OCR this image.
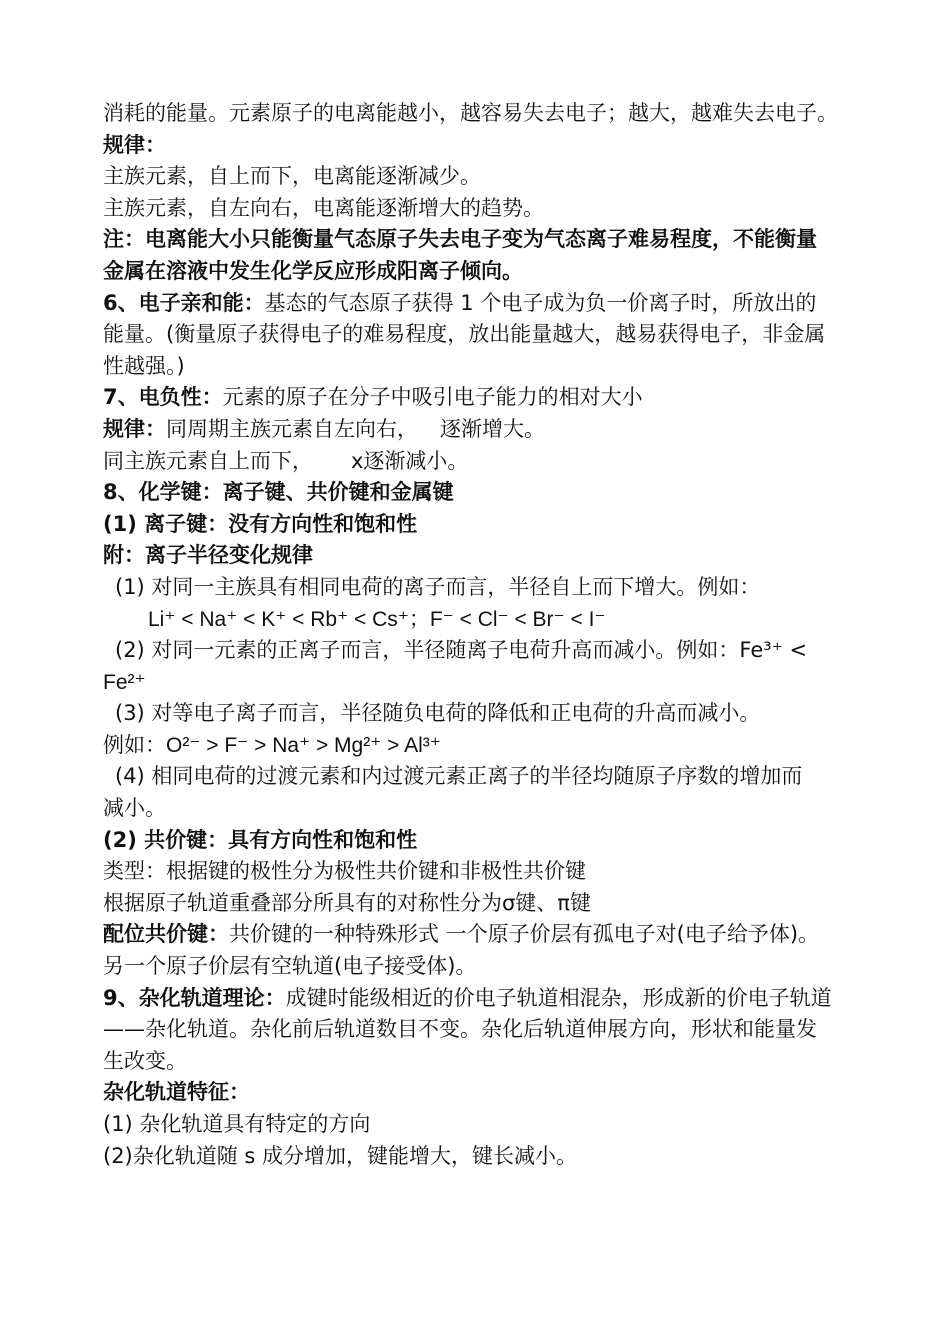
消耗的能量。元素原子的电离能越小，越容易失去电子；越大，越难失去电子。
规律：
主族元素，自上而下，电离能逐渐减少。
主族元素，自左向右，电离能逐渐增大的趋势。
注：电离能大小只能衡量气态原子失去电子变为气态离子难易程度，不能衡量
金属在溶液中发生化学反应形成阳离子倾向。
6、电子亲和能：基态的气态原子获得 1 个电子成为负一价离子时，所放出的
能量。(衡量原子获得电子的难易程度，放出能量越大，越易获得电子，非金属
性越强。)
7、电负性：元素的原子在分子中吸引电子能力的相对大小
规律：同周期主族元素自左向右， 逐渐增大。
同主族元素自上而下， x逐渐减小。
8、化学键：离子键、共价键和金属键
(1) 离子键：没有方向性和饱和性
附：离子半径变化规律
(1) 对同一主族具有相同电荷的离子而言，半径自上而下增大。例如：
Li⁺ < Na⁺ < K⁺ < Rb⁺ < Cs⁺；F⁻ < Cl⁻ < Br⁻ < I⁻
(2) 对同一元素的正离子而言，半径随离子电荷升高而减小。例如：Fe³⁺ <
Fe²⁺
(3) 对等电子离子而言，半径随负电荷的降低和正电荷的升高而减小。
例如：O²⁻ > F⁻ > Na⁺ > Mg²⁺ > Al³⁺
(4) 相同电荷的过渡元素和内过渡元素正离子的半径均随原子序数的增加而
减小。
(2) 共价键：具有方向性和饱和性
类型：根据键的极性分为极性共价键和非极性共价键
根据原子轨道重叠部分所具有的对称性分为σ键、π键
配位共价键：共价键的一种特殊形式 一个原子价层有孤电子对(电子给予体)。
另一个原子价层有空轨道(电子接受体)。
9、杂化轨道理论：成键时能级相近的价电子轨道相混杂，形成新的价电子轨道
——杂化轨道。杂化前后轨道数目不变。杂化后轨道伸展方向，形状和能量发
生改变。
杂化轨道特征：
(1) 杂化轨道具有特定的方向
(2)杂化轨道随 s 成分增加，键能增大，键长减小。
